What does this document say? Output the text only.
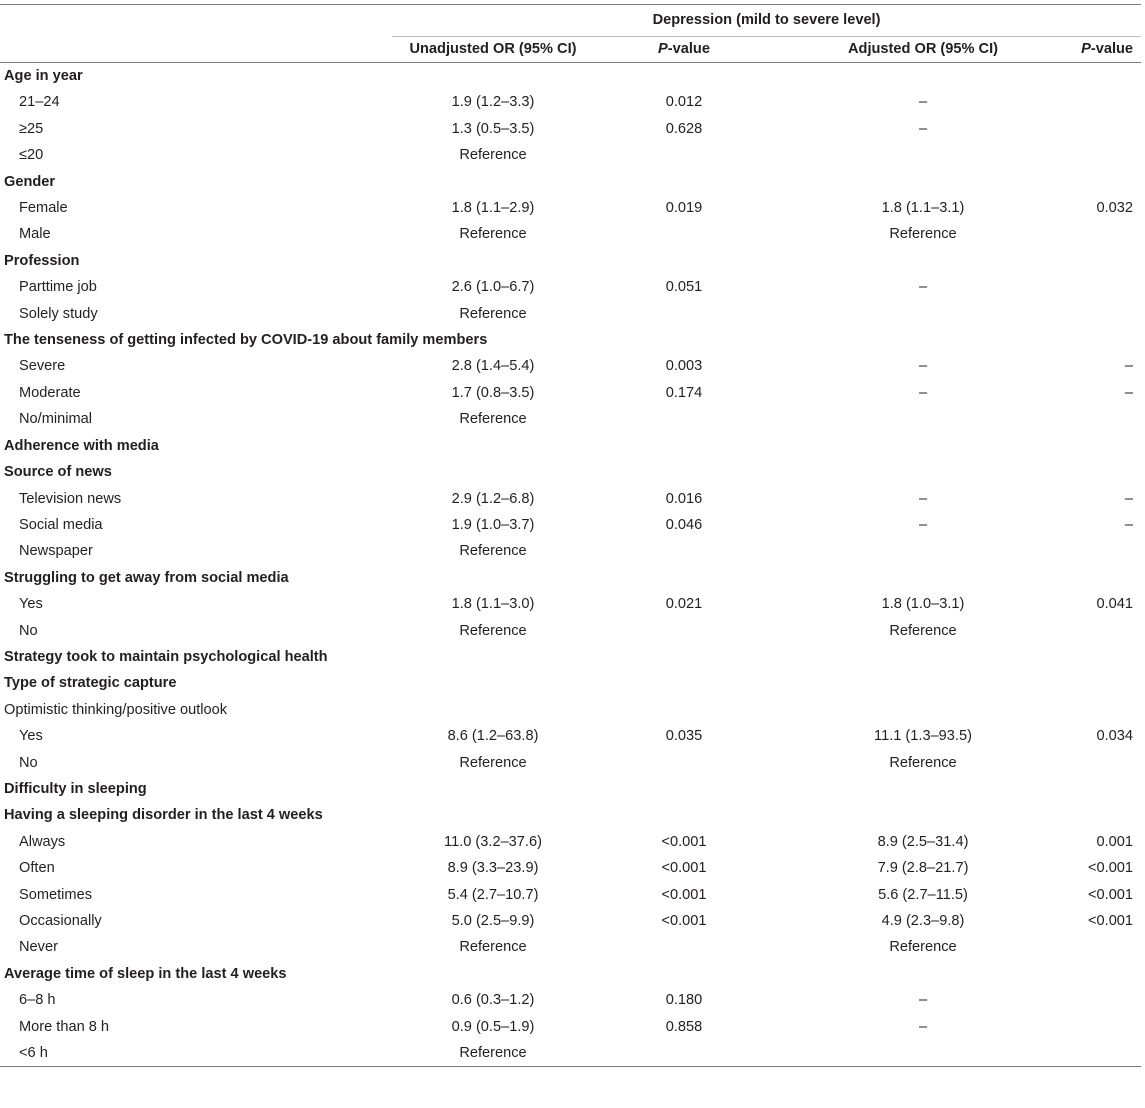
	Depression (mild to severe level)			
	Unadjusted OR (95% CI)	P-value	Adjusted OR (95% CI)	P-value
Age in year				
21–24	1.9 (1.2–3.3)	0.012	–	
≥25	1.3 (0.5–3.5)	0.628	–	
≤20	Reference			
Gender				
Female	1.8 (1.1–2.9)	0.019	1.8 (1.1–3.1)	0.032
Male	Reference		Reference	
Profession				
Parttime job	2.6 (1.0–6.7)	0.051	–	
Solely study	Reference			
The tenseness of getting infected by COVID-19 about family members				
Severe	2.8 (1.4–5.4)	0.003	–	–
Moderate	1.7 (0.8–3.5)	0.174	–	–
No/minimal	Reference			
Adherence with media				
Source of news				
Television news	2.9 (1.2–6.8)	0.016	–	–
Social media	1.9 (1.0–3.7)	0.046	–	–
Newspaper	Reference			
Struggling to get away from social media				
Yes	1.8 (1.1–3.0)	0.021	1.8 (1.0–3.1)	0.041
No	Reference		Reference	
Strategy took to maintain psychological health				
Type of strategic capture				
Optimistic thinking/positive outlook				
Yes	8.6 (1.2–63.8)	0.035	11.1 (1.3–93.5)	0.034
No	Reference		Reference	
Difficulty in sleeping				
Having a sleeping disorder in the last 4 weeks				
Always	11.0 (3.2–37.6)	<0.001	8.9 (2.5–31.4)	0.001
Often	8.9 (3.3–23.9)	<0.001	7.9 (2.8–21.7)	<0.001
Sometimes	5.4 (2.7–10.7)	<0.001	5.6 (2.7–11.5)	<0.001
Occasionally	5.0 (2.5–9.9)	<0.001	4.9 (2.3–9.8)	<0.001
Never	Reference		Reference	
Average time of sleep in the last 4 weeks				
6–8 h	0.6 (0.3–1.2)	0.180	–	
More than 8 h	0.9 (0.5–1.9)	0.858	–	
<6 h	Reference			
